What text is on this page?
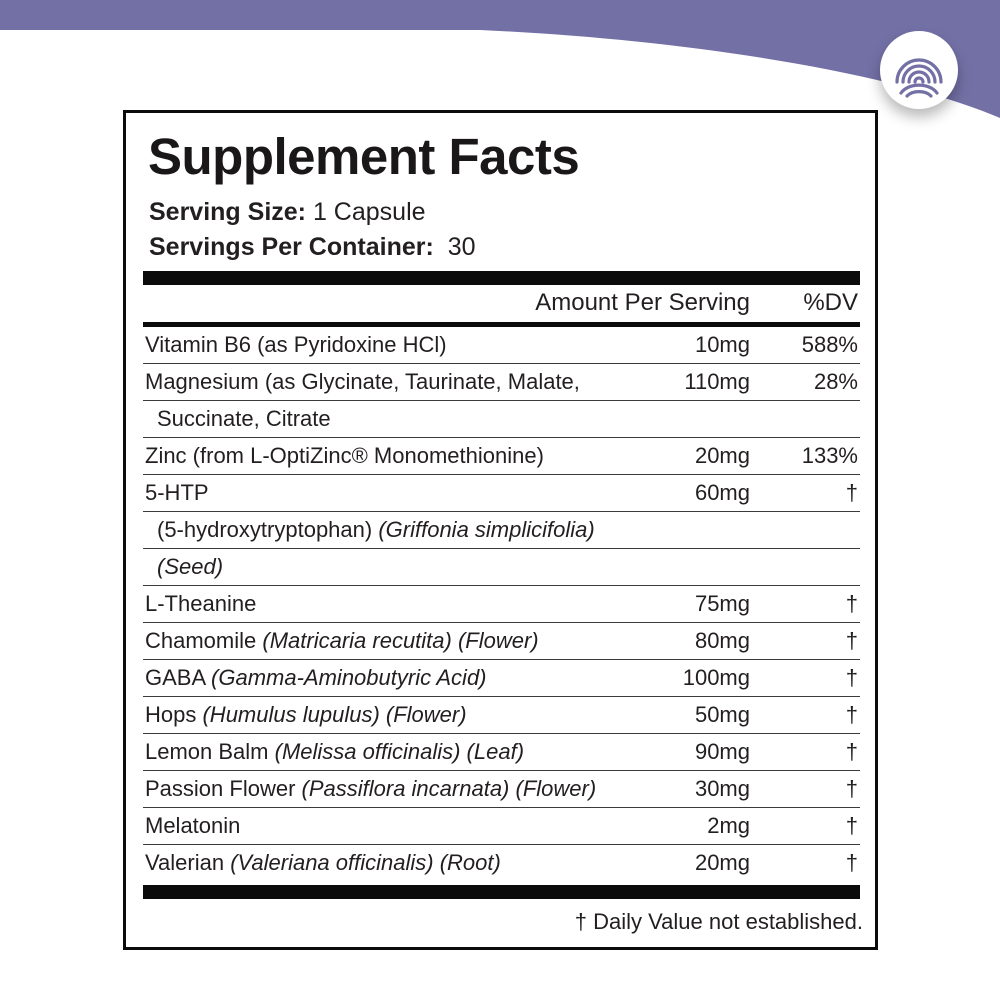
Supplement Facts
Serving Size: 1 Capsule
Servings Per Container: 30
Amount Per Serving %DV
Vitamin B6 (as Pyridoxine HCl)	10mg 588%
Magnesium (as Glycinate, Taurinate, Malate,	110mg	28%
Succinate, Citrate
Zinc (from L-OptiZinc® Monomethionine)	20mg 133%
5-HTP	60mg	†
(5-hydroxytryptophan) (Griffonia simplicifolia)
(Seed)
L-Theanine	75mg	†
Chamomile (Matricaria recutita) (Flower)	80mg	†
GABA (Gamma-Aminobutyric Acid)	100mg	†
Hops (Humulus lupulus) (Flower)	50mg	†
Lemon Balm (Melissa officinalis) (Leaf)	90mg	†
Passion Flower (Passiflora incarnata) (Flower)	30mg	†
Melatonin	2mg	†
Valerian (Valeriana officinalis) (Root)	20mg	†
† Daily Value not established.
